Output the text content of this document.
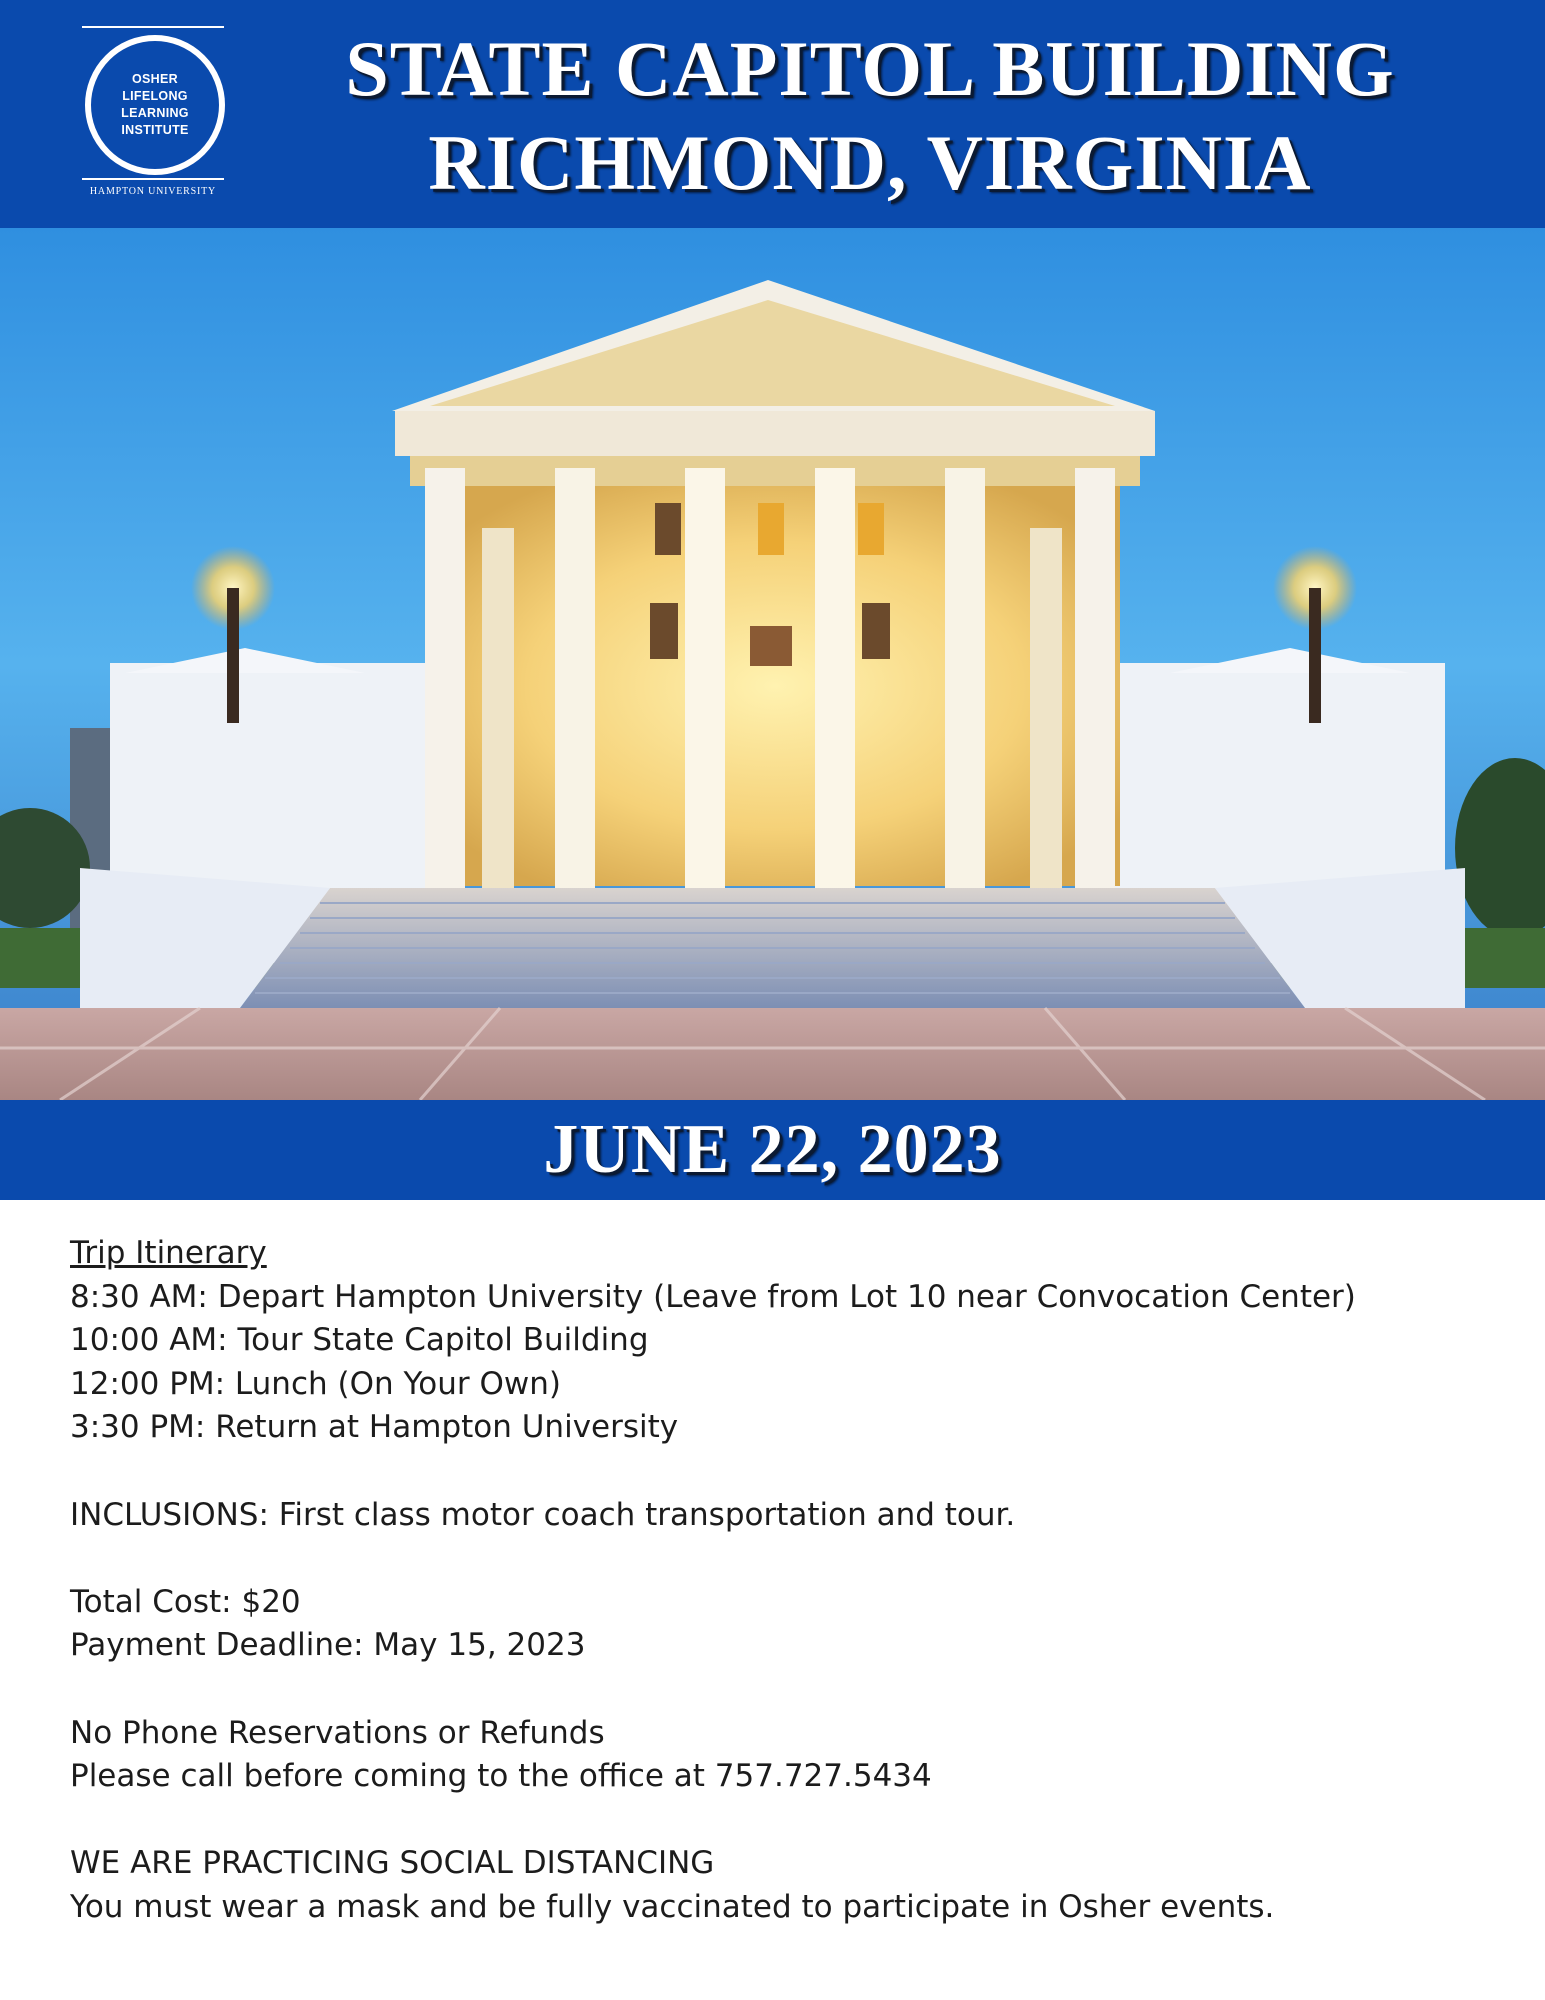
OSHER
LIFELONG
LEARNING
INSTITUTE
HAMPTON UNIVERSITY
STATE CAPITOL BUILDING
RICHMOND, VIRGINIA
JUNE 22, 2023
Trip Itinerary
8:30 AM: Depart Hampton University (Leave from Lot 10 near Convocation Center)
10:00 AM: Tour State Capitol Building
12:00 PM: Lunch (On Your Own)
3:30 PM: Return at Hampton University
INCLUSIONS: First class motor coach transportation and tour.
Total Cost: $20
Payment Deadline: May 15, 2023
No Phone Reservations or Refunds
Please call before coming to the office at 757.727.5434
WE ARE PRACTICING SOCIAL DISTANCING
You must wear a mask and be fully vaccinated to participate in Osher events.
